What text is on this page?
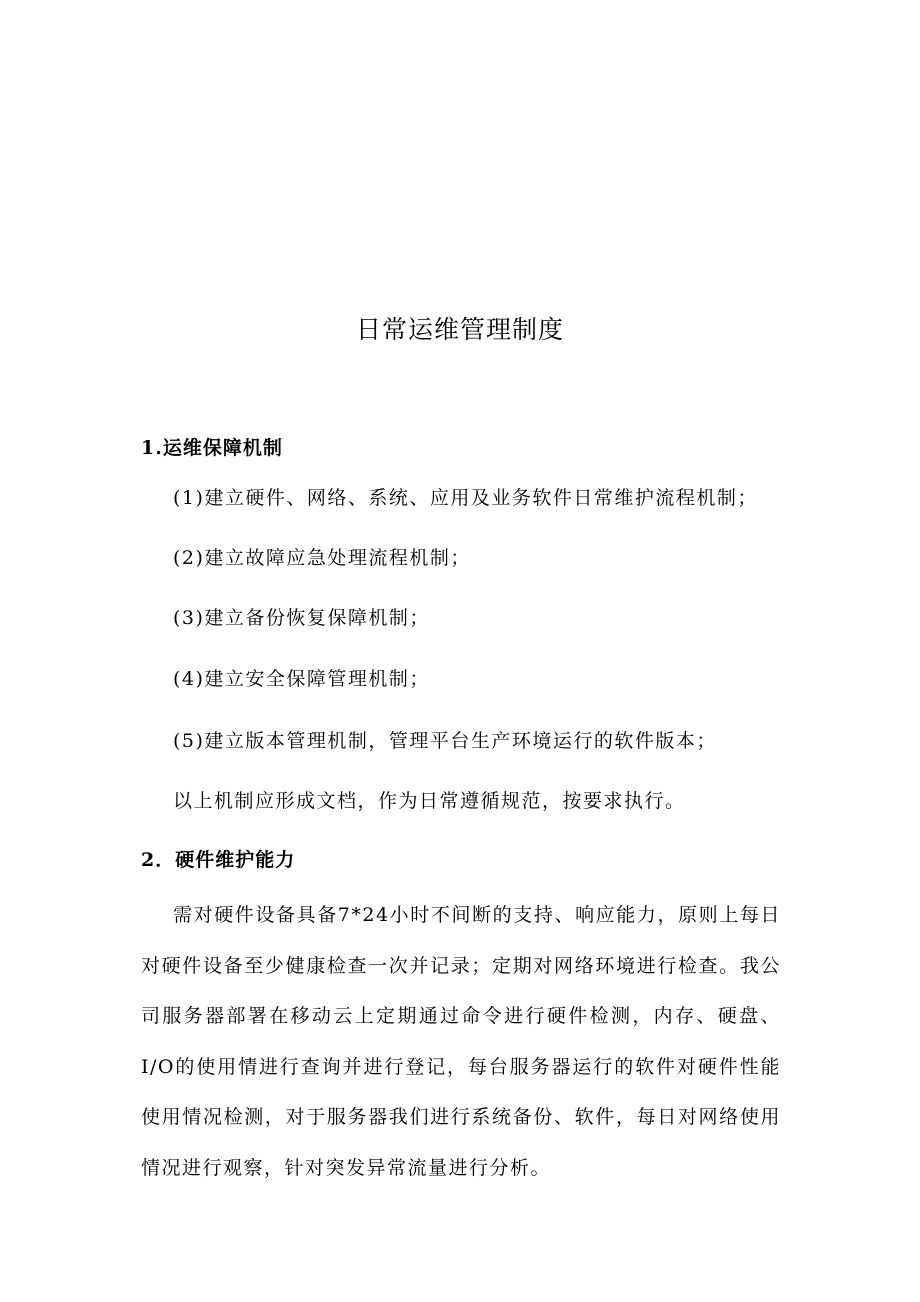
日常运维管理制度
1.运维保障机制
(1)建立硬件、网络、系统、应用及业务软件日常维护流程机制；
(2)建立故障应急处理流程机制；
(3)建立备份恢复保障机制；
(4)建立安全保障管理机制；
(5)建立版本管理机制，管理平台生产环境运行的软件版本；
以上机制应形成文档，作为日常遵循规范，按要求执行。
2．硬件维护能力
需对硬件设备具备7*24小时不间断的支持、响应能力，原则上每日对硬件设备至少健康检查一次并记录；定期对网络环境进行检查。我公司服务器部署在移动云上定期通过命令进行硬件检测，内存、硬盘、I/O的使用情进行查询并进行登记，每台服务器运行的软件对硬件性能使用情况检测，对于服务器我们进行系统备份、软件，每日对网络使用情况进行观察，针对突发异常流量进行分析。
